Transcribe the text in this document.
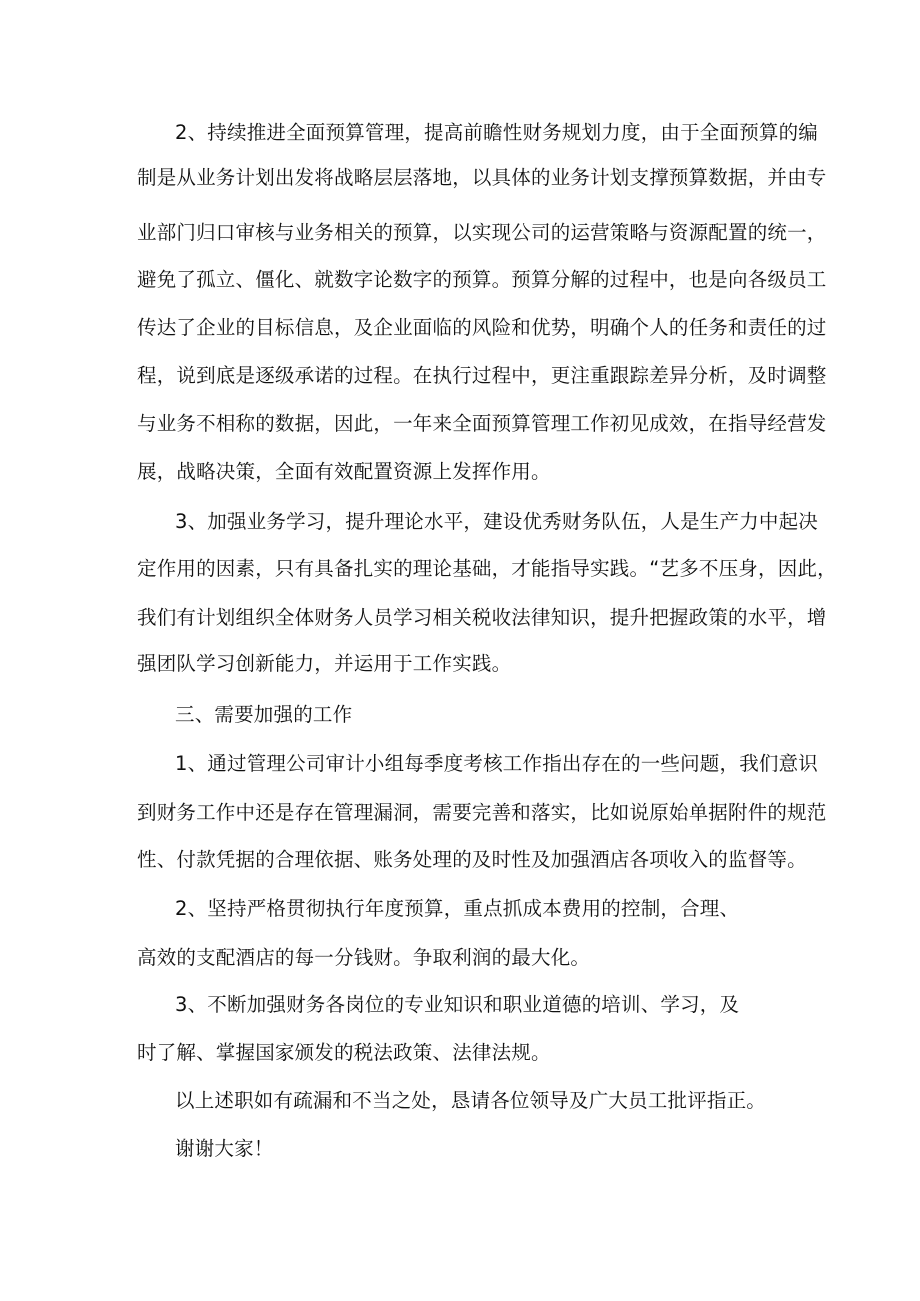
2、持续推进全面预算管理，提高前瞻性财务规划力度，由于全面预算的编
制是从业务计划出发将战略层层落地，以具体的业务计划支撑预算数据，并由专
业部门归口审核与业务相关的预算，以实现公司的运营策略与资源配置的统一，
避免了孤立、僵化、就数字论数字的预算。预算分解的过程中，也是向各级员工
传达了企业的目标信息，及企业面临的风险和优势，明确个人的任务和责任的过
程，说到底是逐级承诺的过程。在执行过程中，更注重跟踪差异分析，及时调整
与业务不相称的数据，因此，一年来全面预算管理工作初见成效，在指导经营发
展，战略决策，全面有效配置资源上发挥作用。
3、加强业务学习，提升理论水平，建设优秀财务队伍，人是生产力中起决
定作用的因素，只有具备扎实的理论基础，才能指导实践。“艺多不压身，因此，
我们有计划组织全体财务人员学习相关税收法律知识，提升把握政策的水平，增
强团队学习创新能力，并运用于工作实践。
三、需要加强的工作
1、通过管理公司审计小组每季度考核工作指出存在的一些问题，我们意识
到财务工作中还是存在管理漏洞，需要完善和落实，比如说原始单据附件的规范
性、付款凭据的合理依据、账务处理的及时性及加强酒店各项收入的监督等。
2、坚持严格贯彻执行年度预算，重点抓成本费用的控制，合理、
高效的支配酒店的每一分钱财。争取利润的最大化。
3、不断加强财务各岗位的专业知识和职业道德的培训、学习，及
时了解、掌握国家颁发的税法政策、法律法规。
以上述职如有疏漏和不当之处，恳请各位领导及广大员工批评指正。
谢谢大家！
